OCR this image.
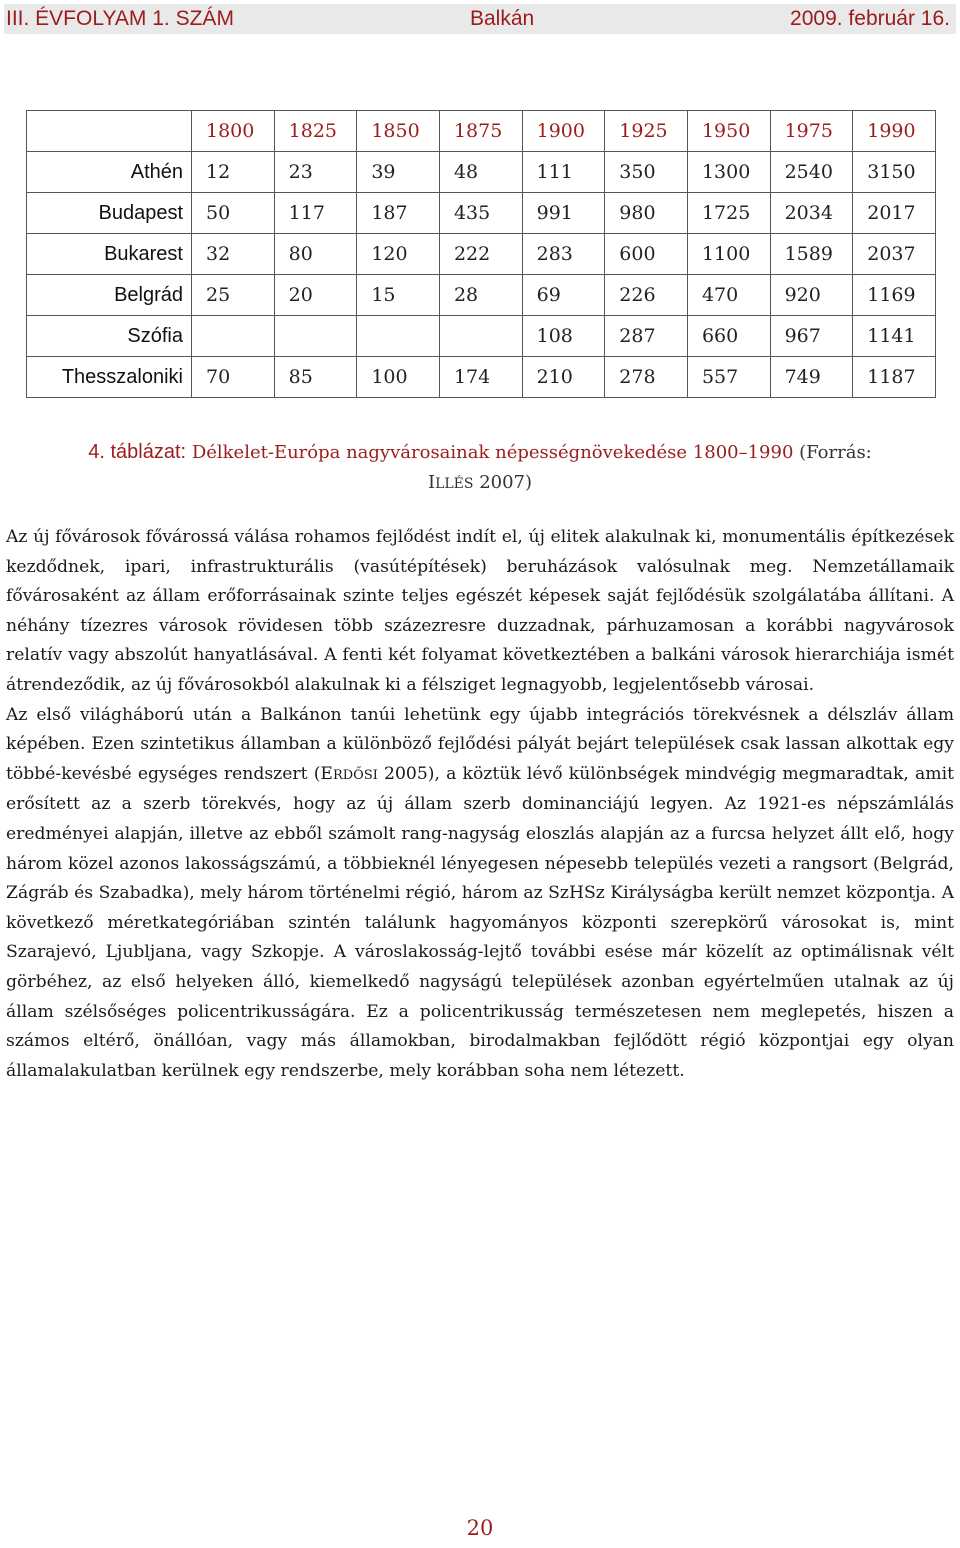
III. ÉVFOLYAM 1. SZÁM	Balkán	2009. február 16.
	1800	1825	1850	1875	1900	1925	1950	1975	1990
Athén	12	23	39	48	111	350	1300	2540	3150
Budapest	50	117	187	435	991	980	1725	2034	2017
Bukarest	32	80	120	222	283	600	1100	1589	2037
Belgrád	25	20	15	28	69	226	470	920	1169
Szófia					108	287	660	967	1141
Thesszaloniki	70	85	100	174	210	278	557	749	1187
4. táblázat: Délkelet-Európa nagyvárosainak népességnövekedése 1800–1990 (Forrás:
ILLÉS 2007)

Az új fővárosok fővárossá válása rohamos fejlődést indít el, új elitek alakulnak ki, monumentális építkezések kezdődnek, ipari, infrastrukturális (vasútépítések) beruházások valósulnak meg. Nemzetállamaik fővárosaként az állam erőforrásainak szinte teljes egészét képesek saját fejlődésük szolgálatába állítani. A néhány tízezres városok rövidesen több százezresre duzzadnak, párhuzamosan a korábbi nagyvárosok relatív vagy abszolút hanyatlásával. A fenti két folyamat következtében a balkáni városok hierarchiája ismét átrendeződik, az új fővárosokból alakulnak ki a félsziget legnagyobb, legjelentősebb városai.

Az első világháború után a Balkánon tanúi lehetünk egy újabb integrációs törekvésnek a délszláv állam képében. Ezen szintetikus államban a különböző fejlődési pályát bejárt települések csak lassan alkottak egy többé-kevésbé egységes rendszert (ERDŐSI 2005), a köztük lévő különbségek mindvégig megmaradtak, amit erősített az a szerb törekvés, hogy az új állam szerb dominanciájú legyen. Az 1921-es népszámlálás eredményei alapján, illetve az ebből számolt rang-nagyság eloszlás alapján az a furcsa helyzet állt elő, hogy három közel azonos lakosságszámú, a többieknél lényegesen népesebb település vezeti a rangsort (Belgrád, Zágráb és Szabadka), mely három történelmi régió, három az SzHSz Királyságba került nemzet központja. A következő méretkategóriában szintén találunk hagyományos központi szerepkörű városokat is, mint Szarajevó, Ljubljana, vagy Szkopje. A városlakosság-lejtő további esése már közelít az optimálisnak vélt görbéhez, az első helyeken álló, kiemelkedő nagyságú települések azonban egyértelműen utalnak az új állam szélsőséges policentrikusságára. Ez a policentrikusság természetesen nem meglepetés, hiszen a számos eltérő, önállóan, vagy más államokban, birodalmakban fejlődött régió központjai egy olyan államalakulatban kerülnek egy rendszerbe, mely korábban soha nem létezett.

20
